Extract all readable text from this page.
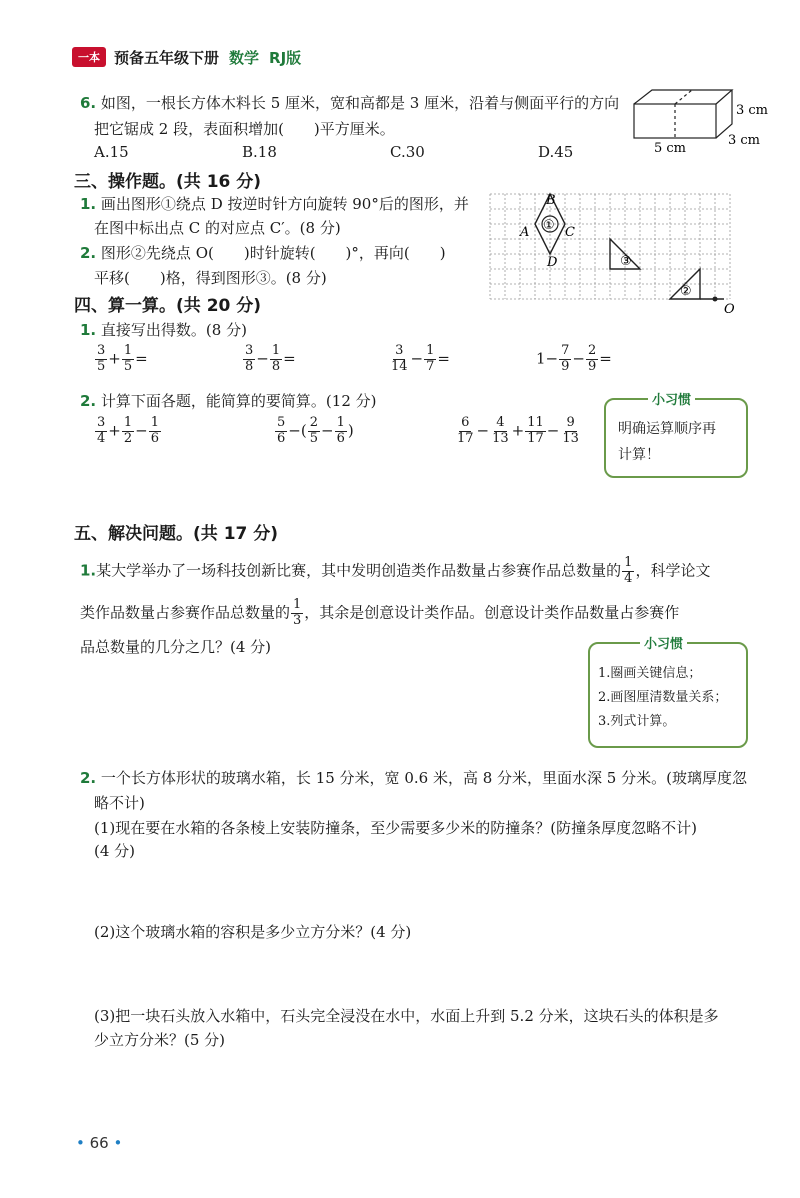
一本 预备五年级下册 数学 RJ版
6. 如图，一根长方体木料长 5 厘米，宽和高都是 3 厘米，沿着与侧面平行的方向
把它锯成 2 段，表面积增加(　　)平方厘米。
A.15	B.18	C.30	D.45	5 cm
3 cm
3 cm
三、操作题。(共 16 分)
1. 画出图形①绕点 D 按逆时针方向旋转 90°后的图形，并
在图中标出点 C 的对应点 C′。(8 分)
2. 图形②先绕点 O(　　)时针旋转(　　)°，再向(　　)
平移(　　)格，得到图形③。(8 分)
B
A	C
D
O
①
③
②
四、算一算。(共 20 分)
1. 直接写出得数。(8 分)
$\frac{3}{5} + \frac{1}{5}$ =	$\frac{3}{8} - \frac{1}{8}$ =	$\frac{3}{14} - \frac{1}{7}$ =	$1- \frac{7}{9} - \frac{2}{9}$ =
2. 计算下面各题，能简算的要简算。(12 分)
$\frac{3}{4} + \frac{1}{2} - \frac{1}{6}$	$\frac{5}{6}$ −( $\frac{2}{5} - \frac{1}{6}$ )	$\frac{6}{17} - \frac{4}{13} + \frac{11}{17} - \frac{9}{13}$
小习惯
明确运算顺序再
计算！
五、解决问题。(共 17 分)
1.某大学举办了一场科技创新比赛，其中发明创造类作品数量占参赛作品总数量的 $\frac{1}{4}$ ，科学论文
类作品数量占参赛作品总数量的 $\frac{1}{3}$ ，其余是创意设计类作品。创意设计类作品数量占参赛作
品总数量的几分之几？(4 分)	小习惯
1.圈画关键信息；
2.画图厘清数量关系；
3.列式计算。
2. 一个长方体形状的玻璃水箱，长 15 分米，宽 0.6 米，高 8 分米，里面水深 5 分米。(玻璃厚度忽
略不计)
(1)现在要在水箱的各条棱上安装防撞条，至少需要多少米的防撞条？(防撞条厚度忽略不计)
(4 分)
(2)这个玻璃水箱的容积是多少立方分米？(4 分)
(3)把一块石头放入水箱中，石头完全浸没在水中，水面上升到 5.2 分米，这块石头的体积是多
少立方分米？(5 分)
• 66 •
